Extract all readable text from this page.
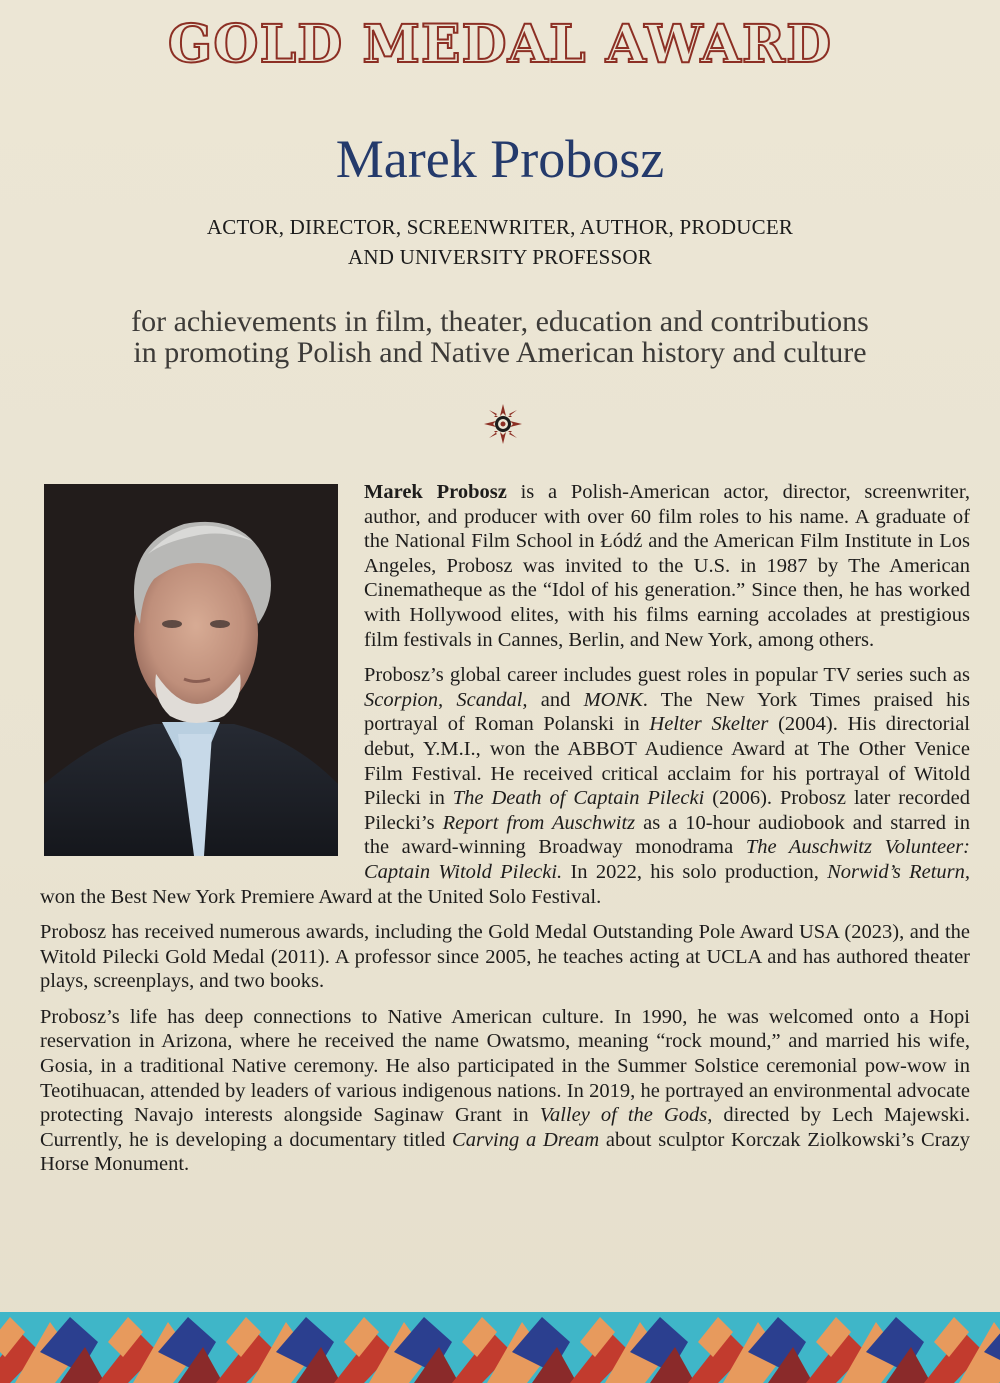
GOLD MEDAL AWARD
Marek Probosz
ACTOR, DIRECTOR, SCREENWRITER, AUTHOR, PRODUCER
AND UNIVERSITY PROFESSOR
for achievements in film, theater, education and contributions
in promoting Polish and Native American history and culture

Marek Probosz is a Polish-American actor, director, screenwriter, author, and producer with over 60 film roles to his name. A graduate of the National Film School in Łódź and the American Film Institute in Los Angeles, Probosz was invited to the U.S. in 1987 by The American Cinematheque as the “Idol of his generation.” Since then, he has worked with Hollywood elites, with his films earning accolades at prestigious film festivals in Cannes, Berlin, and New York, among others.

Probosz’s global career includes guest roles in popular TV series such as Scorpion, Scandal, and MONK. The New York Times praised his portrayal of Roman Polanski in Helter Skelter (2004). His directorial debut, Y.M.I., won the ABBOT Audience Award at The Other Venice Film Festival. He received critical acclaim for his portrayal of Witold Pilecki in The Death of Captain Pilecki (2006). Probosz later recorded Pilecki’s Report from Auschwitz as a 10-hour audiobook and starred in the award-winning Broadway monodrama The Auschwitz Volunteer: Captain Witold Pilecki. In 2022, his solo production, Norwid’s Return, won the Best New York Premiere Award at the United Solo Festival.

Probosz has received numerous awards, including the Gold Medal Outstanding Pole Award USA (2023), and the Witold Pilecki Gold Medal (2011). A professor since 2005, he teaches acting at UCLA and has authored theater plays, screenplays, and two books.

Probosz’s life has deep connections to Native American culture. In 1990, he was welcomed onto a Hopi reservation in Arizona, where he received the name Owatsmo, meaning “rock mound,” and married his wife, Gosia, in a traditional Native ceremony. He also participated in the Summer Solstice ceremonial pow-wow in Teotihuacan, attended by leaders of various indigenous nations. In 2019, he portrayed an environmental advocate protecting Navajo interests alongside Saginaw Grant in Valley of the Gods, directed by Lech Majewski. Currently, he is developing a documentary titled Carving a Dream about sculptor Korczak Ziolkowski’s Crazy Horse Monument.
